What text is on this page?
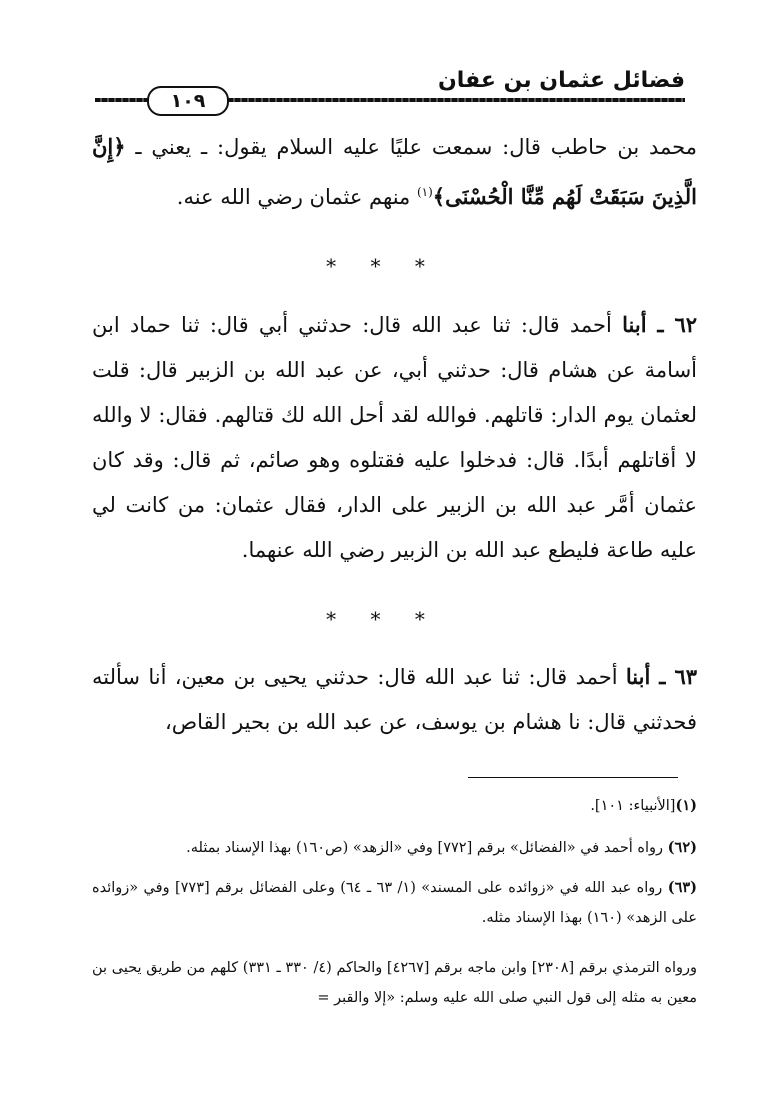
فضائل عثمان بن عفان
١٠٩
محمد بن حاطب قال: سمعت عليًا عليه السلام يقول: ـ يعني ـ ﴿إِنَّ الَّذِينَ سَبَقَتْ لَهُم مِّنَّا الْحُسْنَى﴾$^{(١)}$ منهم عثمان رضي الله عنه.
* * *
٦٢ ـ أبنا أحمد قال: ثنا عبد الله قال: حدثني أبي قال: ثنا حماد ابن أسامة عن هشام قال: حدثني أبي، عن عبد الله بن الزبير قال: قلت لعثمان يوم الدار: قاتلهم. فوالله لقد أحل الله لك قتالهم. فقال: لا والله لا أقاتلهم أبدًا. قال: فدخلوا عليه فقتلوه وهو صائم، ثم قال: وقد كان عثمان أمَّر عبد الله بن الزبير على الدار، فقال عثمان: من كانت لي عليه طاعة فليطع عبد الله بن الزبير رضي الله عنهما.
* * *
٦٣ ـ أبنا أحمد قال: ثنا عبد الله قال: حدثني يحيى بن معين، أنا سألته فحدثني قال: نا هشام بن يوسف، عن عبد الله بن بحير القاص،
(١)[الأنبياء: ١٠١].
(٦٢) رواه أحمد في «الفضائل» برقم [٧٧٢] وفي «الزهد» (ص١٦٠) بهذا الإسناد بمثله.
(٦٣) رواه عبد الله في «زوائده على المسند» (١/ ٦٣ ـ ٦٤) وعلى الفضائل برقم [٧٧٣] وفي «زوائده على الزهد» (١٦٠) بهذا الإسناد مثله.
ورواه الترمذي برقم [٢٣٠٨] وابن ماجه برقم [٤٢٦٧] والحاكم (٤/ ٣٣٠ ـ ٣٣١) كلهم من طريق يحيى بن معين به مثله إلى قول النبي صلى الله عليه وسلم: «إلا والقبر =
